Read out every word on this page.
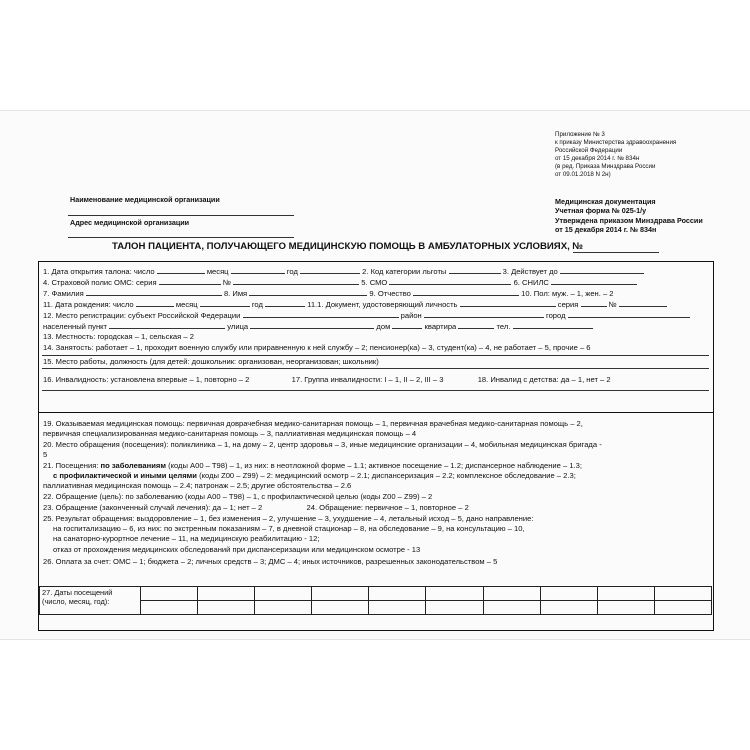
Приложение № 3
к приказу Министерства здравоохранения
Российской Федерации
от 15 декабря 2014 г. № 834н
(в ред. Приказа Минздрава России
от 09.01.2018 N 2н)
Медицинская документация
Учетная форма № 025-1/у
Утверждена приказом Минздрава России
от 15 декабря 2014 г. № 834н
Наименование медицинской организации
Адрес медицинской организации
ТАЛОН ПАЦИЕНТА, ПОЛУЧАЮЩЕГО МЕДИЦИНСКУЮ ПОМОЩЬ В АМБУЛАТОРНЫХ УСЛОВИЯХ, №
1. Дата открытия талона: число	месяц	год	2. Код категории льготы	3. Действует до
4. Страховой полис ОМС: серия	№	5. СМО	6. СНИЛС
7. Фамилия	8. Имя	9. Отчество	10. Пол: муж. – 1, жен. – 2
11. Дата рождения: число	месяц	год	11.1. Документ, удостоверяющий личность	серия	№
12. Место регистрации: субъект Российской Федерации	район	город
населенный пункт	улица	дом	квартира	тел.
13. Местность: городская – 1, сельская – 2
14. Занятость: работает – 1, проходит военную службу или приравненную к ней службу – 2; пенсионер(ка) – 3, студент(ка) – 4, не работает – 5, прочие – 6
15. Место работы, должность (для детей: дошкольник: организован, неорганизован; школьник)
16. Инвалидность: установлена впервые – 1, повторно – 2	17. Группа инвалидности: I – 1, II – 2, III – 3	18. Инвалид с детства: да – 1, нет – 2
19. Оказываемая медицинская помощь: первичная доврачебная медико-санитарная помощь – 1, первичная врачебная медико-санитарная помощь – 2,
первичная специализированная медико-санитарная помощь – 3, паллиативная медицинская помощь – 4
20. Место обращения (посещения): поликлиника – 1, на дому – 2, центр здоровья – 3, иные медицинские организации – 4, мобильная медицинская бригада -
5
21. Посещения: по заболеваниям (коды A00 – T98) – 1, из них: в неотложной форме – 1.1; активное посещение – 1.2; диспансерное наблюдение – 1.3;
с профилактической и иными целями (коды Z00 – Z99) – 2: медицинский осмотр – 2.1; диспансеризация – 2.2; комплексное обследование – 2.3;
паллиативная медицинская помощь – 2.4; патронаж – 2.5; другие обстоятельства – 2.6
22. Обращение (цель): по заболеванию (коды A00 – T98) – 1, с профилактической целью (коды Z00 – Z99) – 2
23. Обращение (законченный случай лечения): да – 1; нет – 2	24. Обращение: первичное – 1, повторное – 2
25. Результат обращения: выздоровление – 1, без изменения – 2, улучшение – 3, ухудшение – 4, летальный исход – 5, дано направление:
на госпитализацию – 6, из них: по экстренным показаниям – 7, в дневной стационар – 8, на обследование – 9, на консультацию – 10,
на санаторно-курортное лечение – 11, на медицинскую реабилитацию - 12;
отказ от прохождения медицинских обследований при диспансеризации или медицинском осмотре - 13
26. Оплата за счет: ОМС – 1; бюджета – 2; личных средств – 3; ДМС – 4; иных источников, разрешенных законодательством – 5
27. Даты посещений
(число, месяц, год):										
